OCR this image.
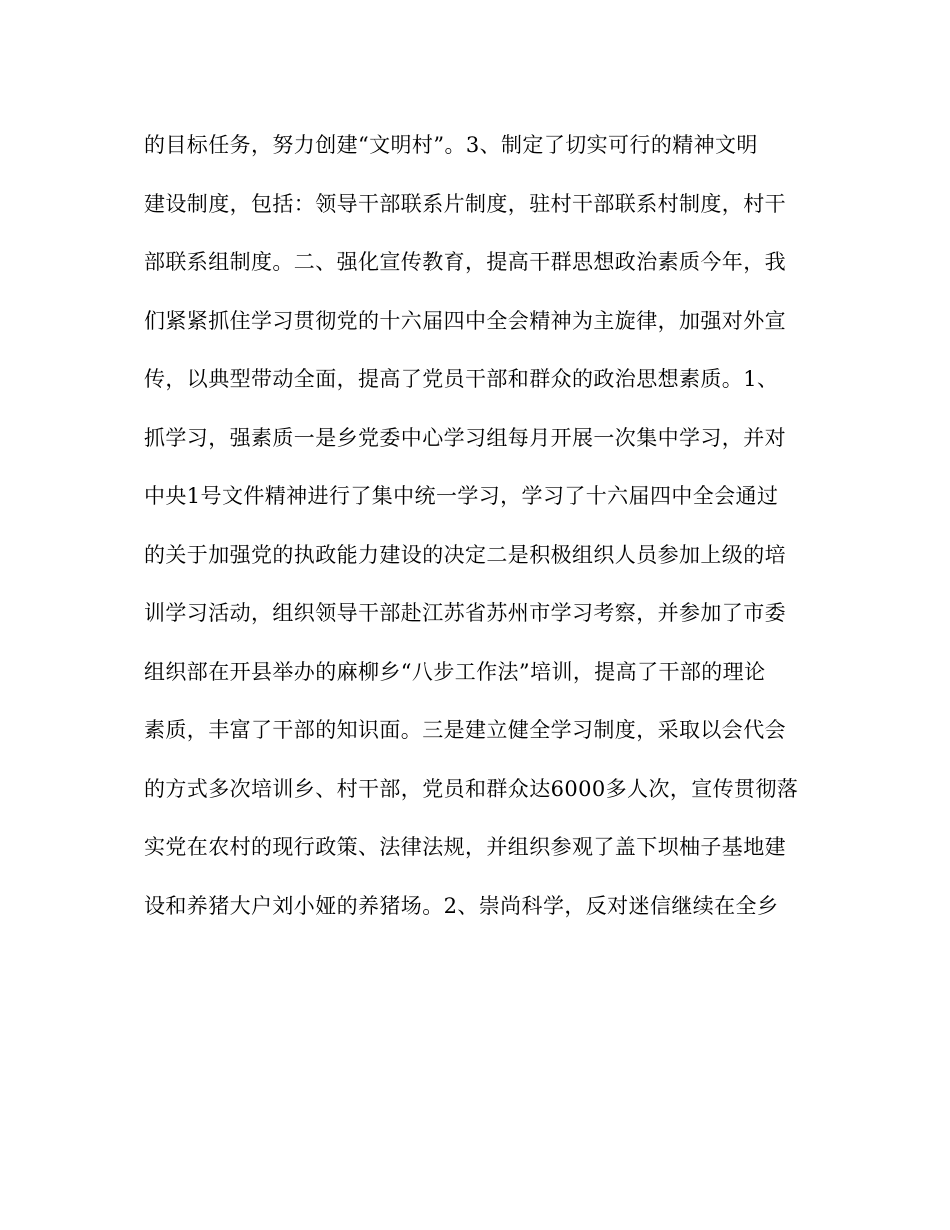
的目标任务，努力创建“文明村”。3、制定了切实可行的精神文明
建设制度，包括：领导干部联系片制度，驻村干部联系村制度，村干
部联系组制度。二、强化宣传教育，提高干群思想政治素质今年，我
们紧紧抓住学习贯彻党的十六届四中全会精神为主旋律，加强对外宣
传，以典型带动全面，提高了党员干部和群众的政治思想素质。1、
抓学习，强素质一是乡党委中心学习组每月开展一次集中学习，并对
中央1号文件精神进行了集中统一学习，学习了十六届四中全会通过
的关于加强党的执政能力建设的决定二是积极组织人员参加上级的培
训学习活动，组织领导干部赴江苏省苏州市学习考察，并参加了市委
组织部在开县举办的麻柳乡“八步工作法”培训，提高了干部的理论
素质，丰富了干部的知识面。三是建立健全学习制度，采取以会代会
的方式多次培训乡、村干部，党员和群众达6000多人次，宣传贯彻落
实党在农村的现行政策、法律法规，并组织参观了盖下坝柚子基地建
设和养猪大户刘小娅的养猪场。2、崇尚科学，反对迷信继续在全乡
